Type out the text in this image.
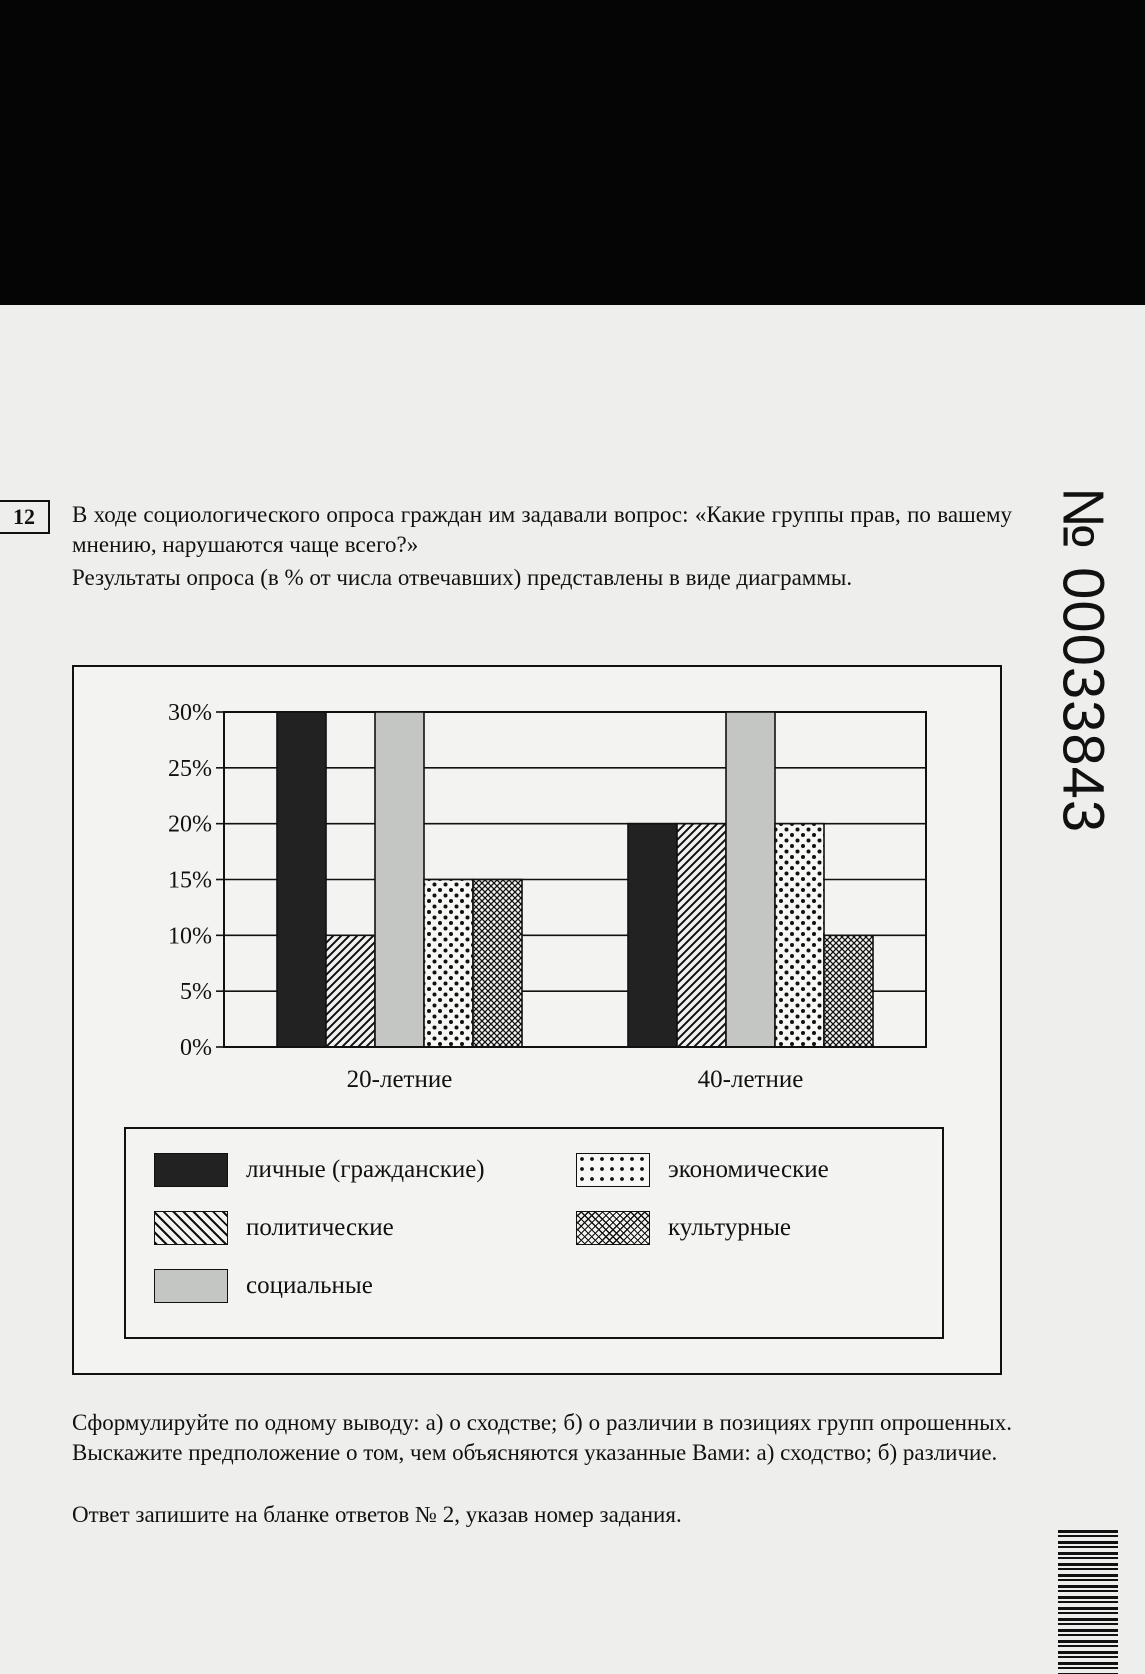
12	В ходе социологического опроса граждан им задавали вопрос: «Какие группы прав, по вашему мнению, нарушаются чаще всего?»
Результаты опроса (в % от числа отвечавших) представлены в виде диаграммы.
0%
5%
10%
15%
20%
25%
30%
20-летние	40-летние
личные (гражданские)
политические
социальные
экономические
культурные
Сформулируйте по одному выводу: а) о сходстве; б) о различии в позициях групп опрошенных. Выскажите предположение о том, чем объясняются указанные Вами: а) сходство; б) различие.
Ответ запишите на бланке ответов № 2, указав номер задания.
№ 00033843
